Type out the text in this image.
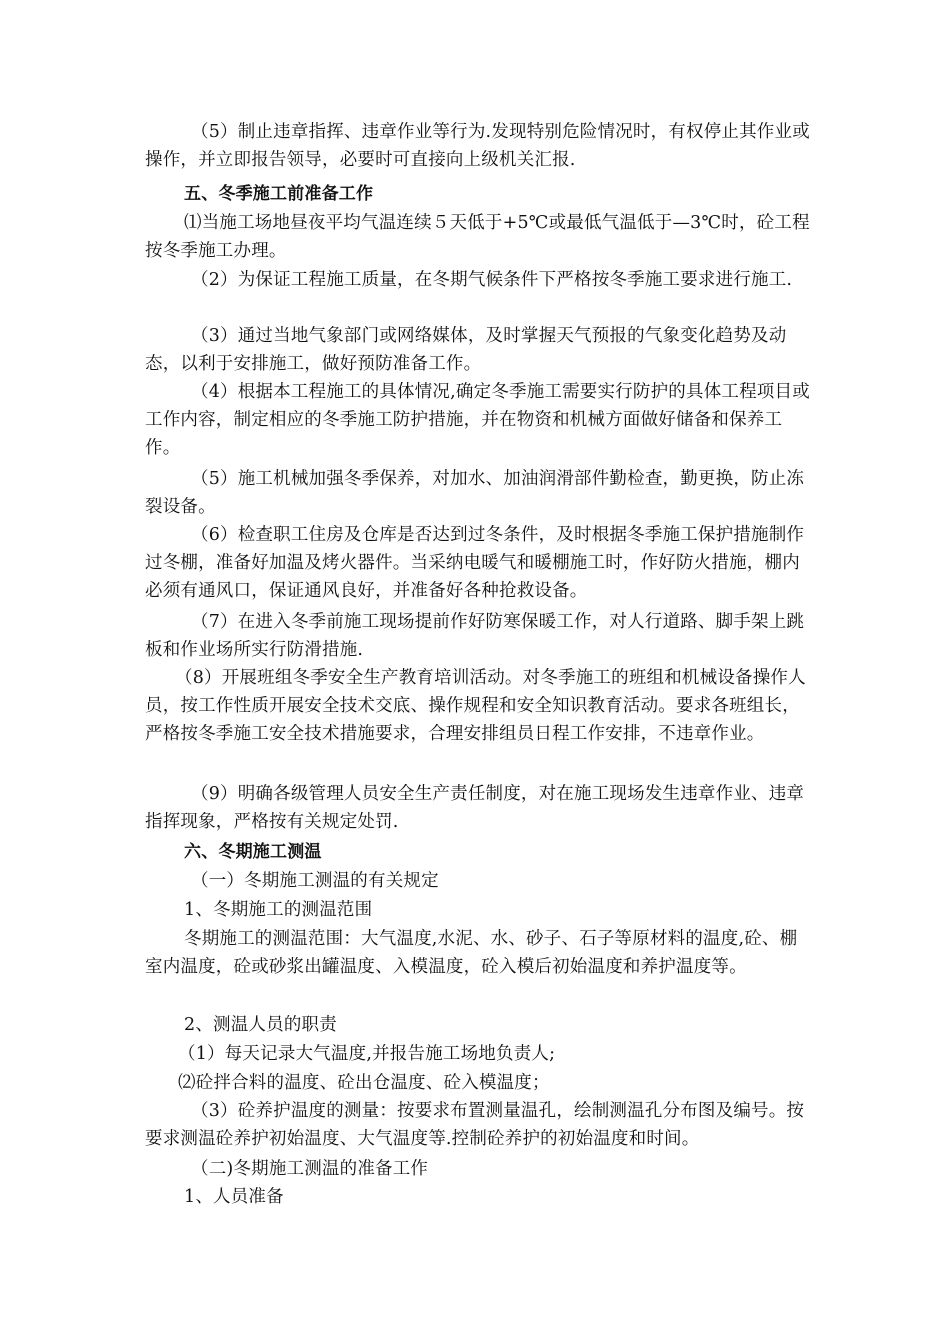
（5）制止违章指挥、违章作业等行为.发现特别危险情况时，有权停止其作业或操作，并立即报告领导，必要时可直接向上级机关汇报.

五、冬季施工前准备工作

⑴当施工场地昼夜平均气温连续５天低于+5℃或最低气温低于—3℃时，砼工程按冬季施工办理。

（2）为保证工程施工质量，在冬期气候条件下严格按冬季施工要求进行施工.

（3）通过当地气象部门或网络媒体，及时掌握天气预报的气象变化趋势及动态，以利于安排施工，做好预防准备工作。

（4）根据本工程施工的具体情况,确定冬季施工需要实行防护的具体工程项目或工作内容，制定相应的冬季施工防护措施，并在物资和机械方面做好储备和保养工作。

（5）施工机械加强冬季保养，对加水、加油润滑部件勤检查，勤更换，防止冻裂设备。

（6）检查职工住房及仓库是否达到过冬条件，及时根据冬季施工保护措施制作过冬棚，准备好加温及烤火器件。当采纳电暖气和暖棚施工时，作好防火措施，棚内必须有通风口，保证通风良好，并准备好各种抢救设备。

（7）在进入冬季前施工现场提前作好防寒保暖工作，对人行道路、脚手架上跳板和作业场所实行防滑措施.

（8）开展班组冬季安全生产教育培训活动。对冬季施工的班组和机械设备操作人员，按工作性质开展安全技术交底、操作规程和安全知识教育活动。要求各班组长，严格按冬季施工安全技术措施要求，合理安排组员日程工作安排，不违章作业。

（9）明确各级管理人员安全生产责任制度，对在施工现场发生违章作业、违章指挥现象，严格按有关规定处罚.

六、冬期施工测温

（一）冬期施工测温的有关规定

1、冬期施工的测温范围

冬期施工的测温范围：大气温度,水泥、水、砂子、石子等原材料的温度,砼、棚室内温度，砼或砂浆出罐温度、入模温度，砼入模后初始温度和养护温度等。

2、测温人员的职责

（1）每天记录大气温度,并报告施工场地负责人;

⑵砼拌合料的温度、砼出仓温度、砼入模温度；

（3）砼养护温度的测量：按要求布置测量温孔，绘制测温孔分布图及编号。按要求测温砼养护初始温度、大气温度等.控制砼养护的初始温度和时间。

（二)冬期施工测温的准备工作

1、人员准备
